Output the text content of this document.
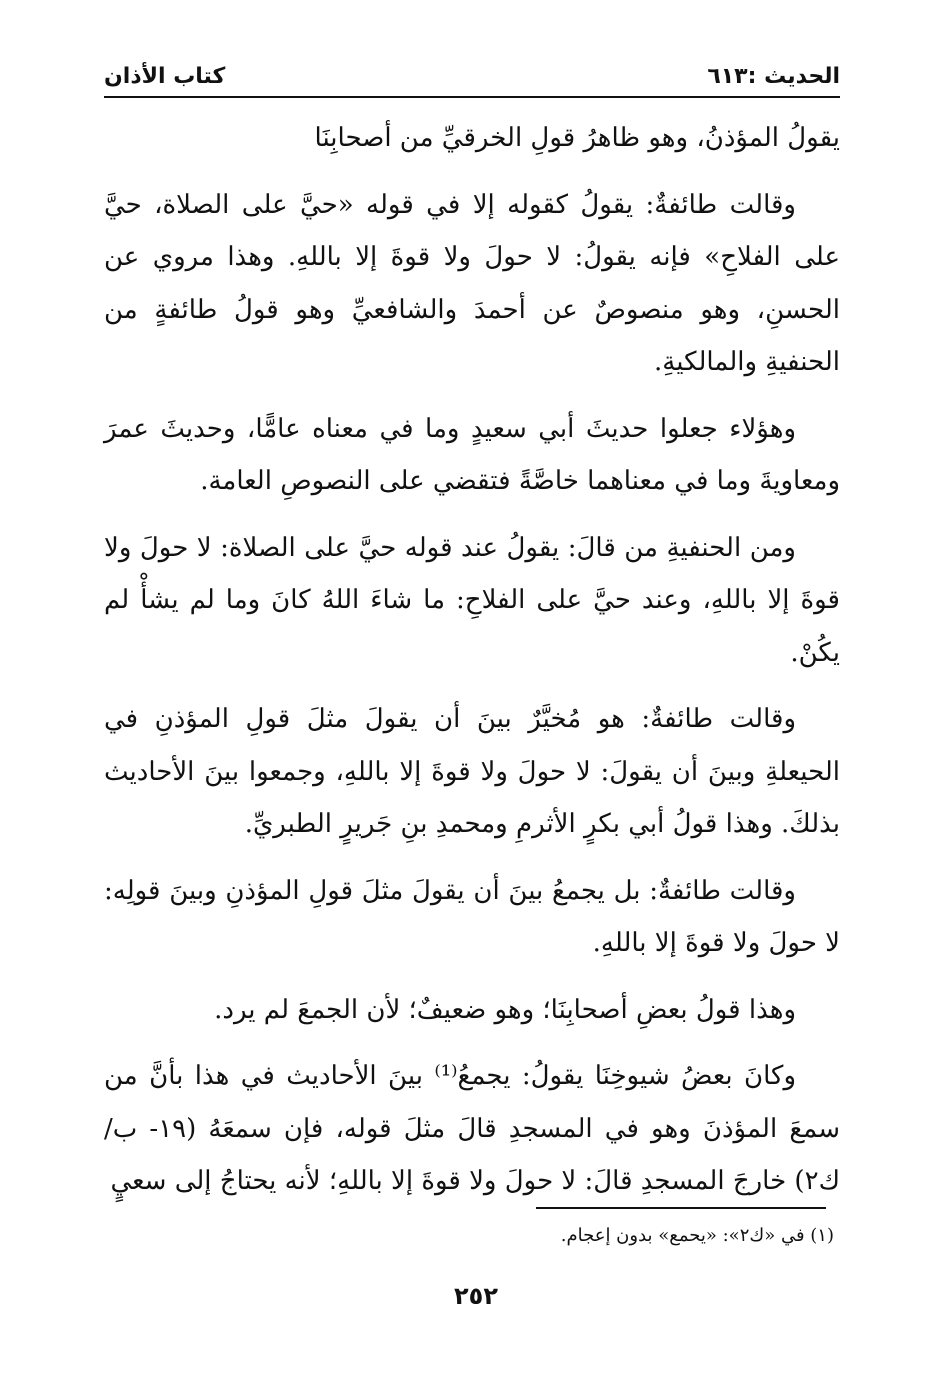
كتاب الأذان	الحديث :٦١٣

يقولُ المؤذنُ، وهو ظاهرُ قولِ الخرقيِّ من أصحابِنَا

وقالت طائفةٌ: يقولُ كقوله إلا في قوله «حيَّ على الصلاة، حيَّ على الفلاحِ» فإنه يقولُ: لا حولَ ولا قوةَ إلا باللهِ. وهذا مروي عن الحسنِ، وهو منصوصٌ عن أحمدَ والشافعيِّ وهو قولُ طائفةٍ من الحنفيةِ والمالكيةِ.

وهؤلاء جعلوا حديثَ أبي سعيدٍ وما في معناه عامًّا، وحديثَ عمرَ ومعاويةَ وما في معناهما خاصَّةً فتقضي على النصوصِ العامة.

ومن الحنفيةِ من قالَ: يقولُ عند قوله حيَّ على الصلاة: لا حولَ ولا قوةَ إلا باللهِ، وعند حيَّ على الفلاحِ: ما شاءَ اللهُ كانَ وما لم يشأْ لم يكُنْ.

وقالت طائفةٌ: هو مُخيَّرٌ بينَ أن يقولَ مثلَ قولِ المؤذنِ في الحيعلةِ وبينَ أن يقولَ: لا حولَ ولا قوةَ إلا باللهِ، وجمعوا بينَ الأحاديث بذلكَ. وهذا قولُ أبي بكرٍ الأثرمِ ومحمدِ بنِ جَريرٍ الطبريِّ.

وقالت طائفةٌ: بل يجمعُ بينَ أن يقولَ مثلَ قولِ المؤذنِ وبينَ قولِه: لا حولَ ولا قوةَ إلا باللهِ.

وهذا قولُ بعضِ أصحابِنَا؛ وهو ضعيفٌ؛ لأن الجمعَ لم يرد.

وكانَ بعضُ شيوخِنَا يقولُ: يجمعُ⁽¹⁾ بينَ الأحاديث في هذا بأنَّ من سمعَ المؤذنَ وهو في المسجدِ قالَ مثلَ قوله، فإن سمعَهُ (١٩- ب/ ك٢) خارجَ المسجدِ قالَ: لا حولَ ولا قوةَ إلا باللهِ؛ لأنه يحتاجُ إلى سعيٍ

(١) في «ك٢»: «يحمع» بدون إعجام.
٢٥٢
